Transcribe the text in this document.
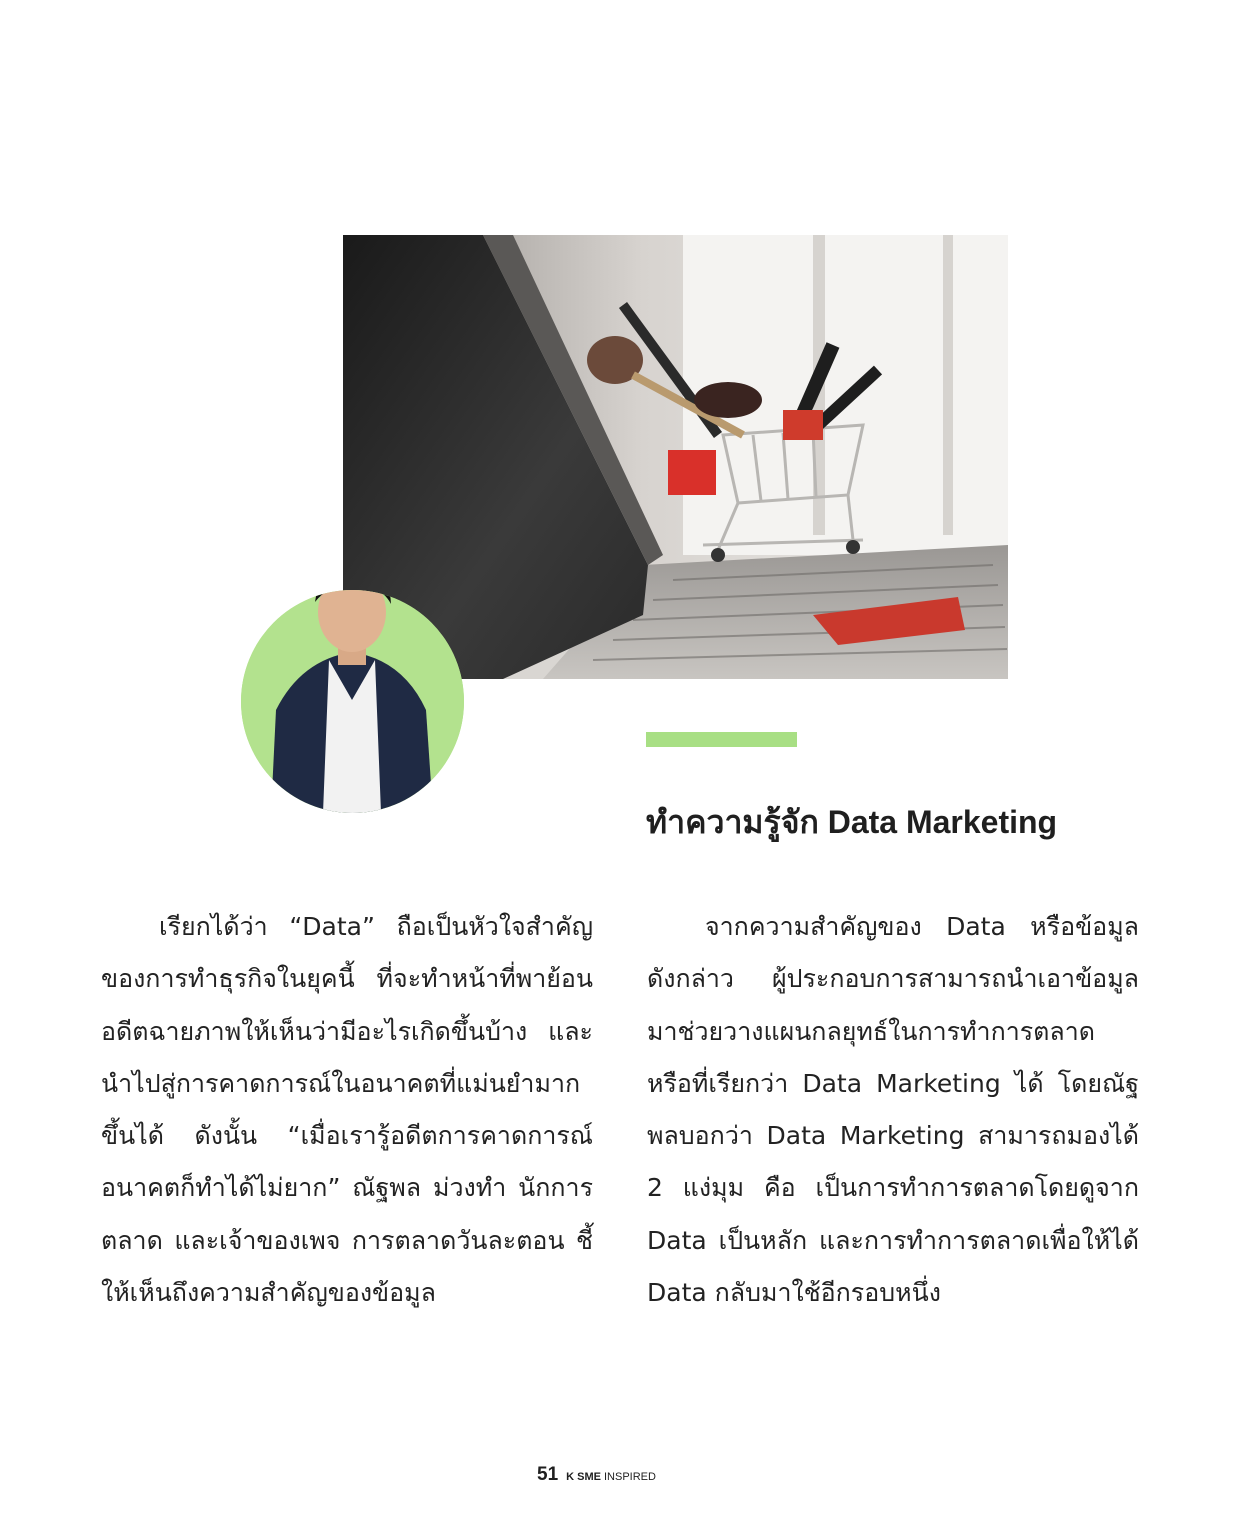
ทำความรู้จัก Data Marketing

เรียกได้ว่า “Data” ถือเป็นหัวใจสำคัญของการทำธุรกิจในยุคนี้ ที่จะทำหน้าที่พาย้อนอดีตฉายภาพให้เห็นว่ามีอะไรเกิดขึ้นบ้าง และนำไปสู่การคาดการณ์ในอนาคตที่แม่นยำมากขึ้นได้ ดังนั้น “เมื่อเรารู้อดีตการคาดการณ์อนาคตก็ทำได้ไม่ยาก” ณัฐพล ม่วงทำ นักการตลาด และเจ้าของเพจ การตลาดวันละตอน ชี้ให้เห็นถึงความสำคัญของข้อมูล

จากความสำคัญของ Data หรือข้อมูล ดังกล่าว ผู้ประกอบการสามารถนำเอาข้อมูลมาช่วยวางแผนกลยุทธ์ในการทำการตลาด หรือที่เรียกว่า Data Marketing ได้ โดยณัฐพลบอกว่า Data Marketing สามารถมองได้ 2 แง่มุม คือ เป็นการทำการตลาดโดยดูจาก Data เป็นหลัก และการทำการตลาดเพื่อให้ได้ Data กลับมาใช้อีกรอบหนึ่ง

51 K SME INSPIRED
